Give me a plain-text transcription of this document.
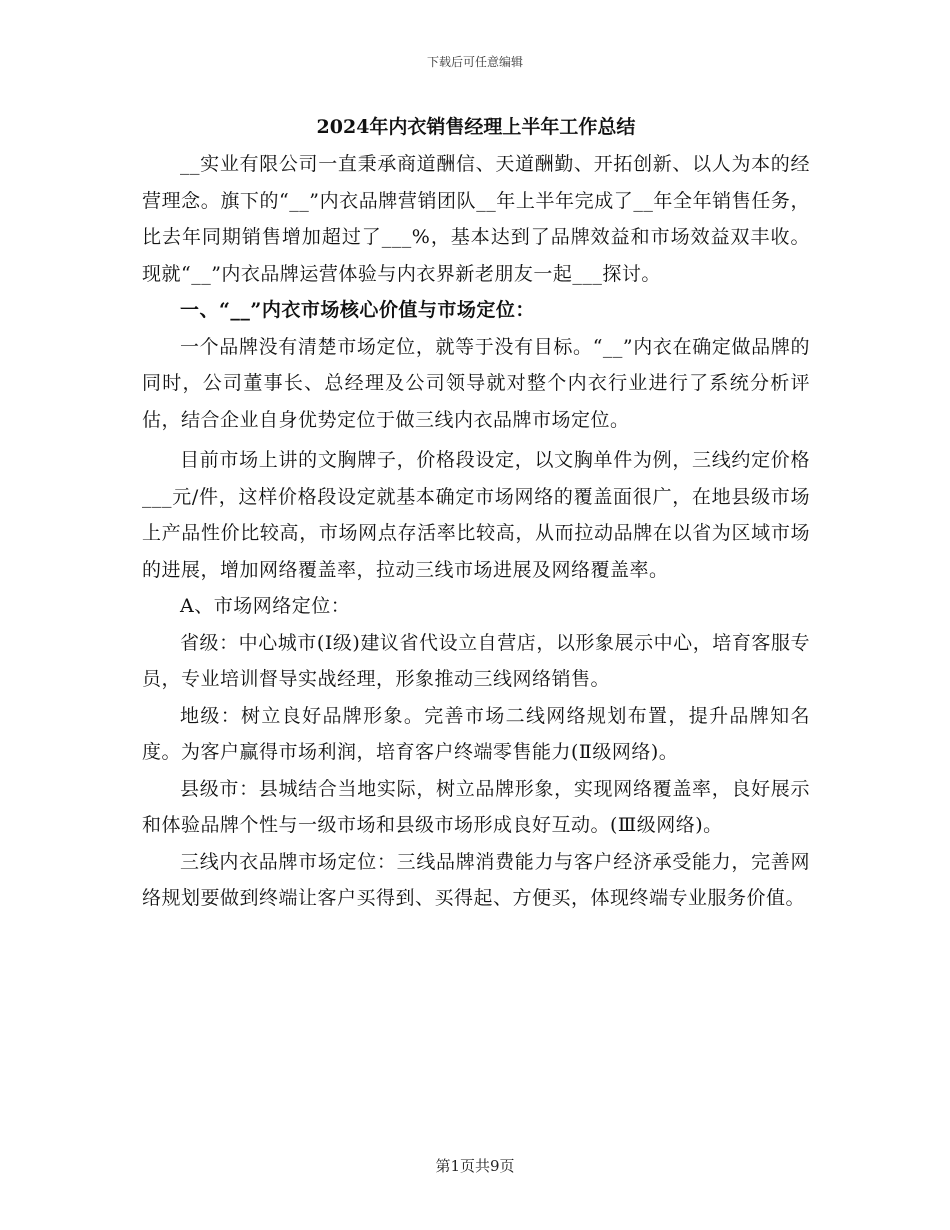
下载后可任意编辑
2024年内衣销售经理上半年工作总结

__实业有限公司一直秉承商道酬信、天道酬勤、开拓创新、以人为本的经营理念。旗下的“__”内衣品牌营销团队__年上半年完成了__年全年销售任务，比去年同期销售增加超过了___%，基本达到了品牌效益和市场效益双丰收。现就“__”内衣品牌运营体验与内衣界新老朋友一起___探讨。

一、“__”内衣市场核心价值与市场定位：

一个品牌没有清楚市场定位，就等于没有目标。“__”内衣在确定做品牌的同时，公司董事长、总经理及公司领导就对整个内衣行业进行了系统分析评估，结合企业自身优势定位于做三线内衣品牌市场定位。

目前市场上讲的文胸牌子，价格段设定，以文胸单件为例，三线约定价格___元/件，这样价格段设定就基本确定市场网络的覆盖面很广，在地县级市场上产品性价比较高，市场网点存活率比较高，从而拉动品牌在以省为区域市场的进展，增加网络覆盖率，拉动三线市场进展及网络覆盖率。

A、市场网络定位：

省级：中心城市(Ⅰ级)建议省代设立自营店，以形象展示中心，培育客服专员，专业培训督导实战经理，形象推动三线网络销售。

地级：树立良好品牌形象。完善市场二线网络规划布置，提升品牌知名度。为客户赢得市场利润，培育客户终端零售能力(Ⅱ级网络)。

县级市：县城结合当地实际，树立品牌形象，实现网络覆盖率，良好展示和体验品牌个性与一级市场和县级市场形成良好互动。(Ⅲ级网络)。

三线内衣品牌市场定位：三线品牌消费能力与客户经济承受能力，完善网络规划要做到终端让客户买得到、买得起、方便买，体现终端专业服务价值。

第1页共9页
